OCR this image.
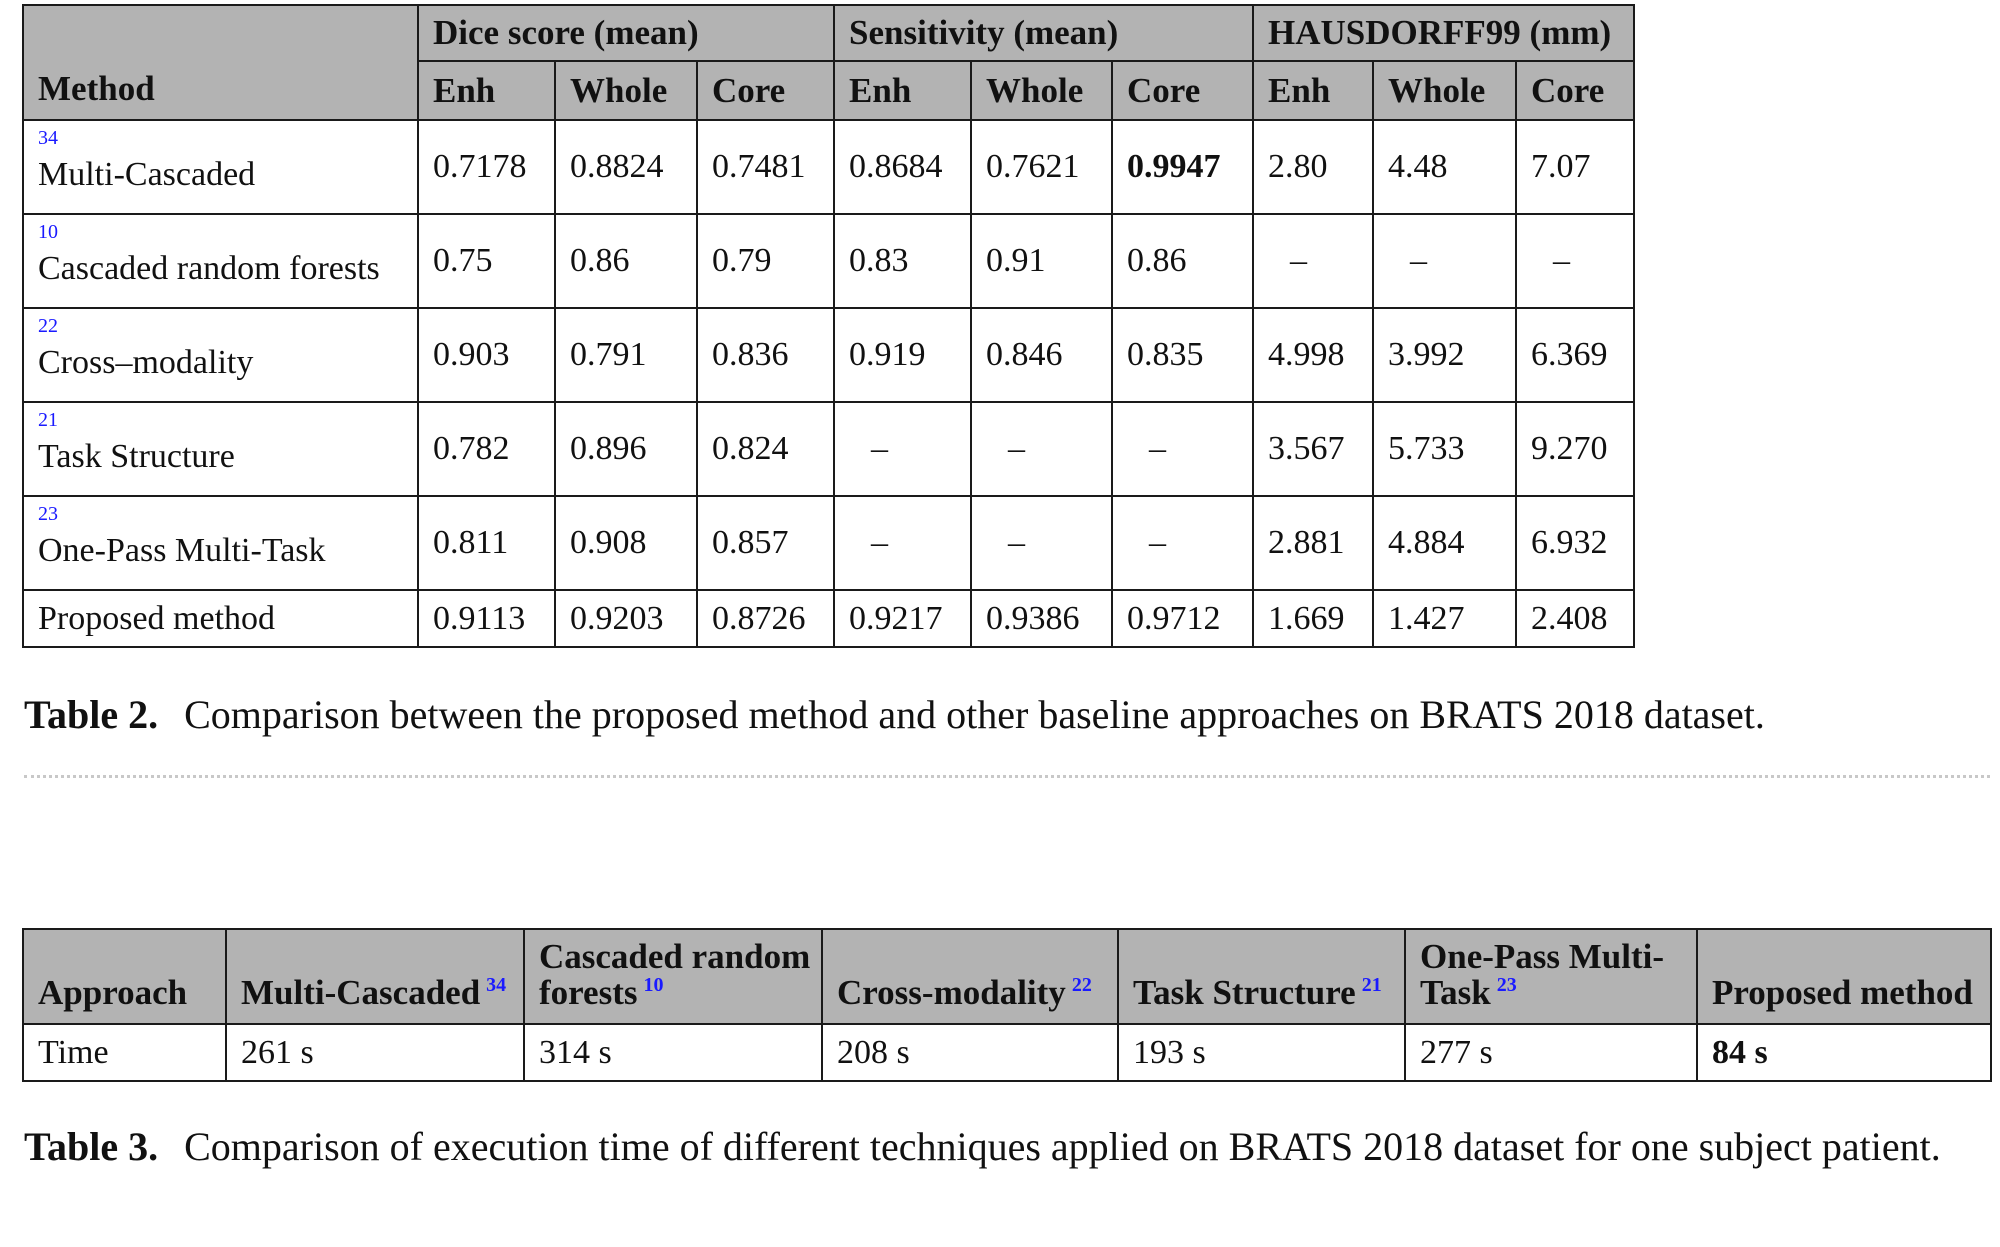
Method	Dice score (mean)			Sensitivity (mean)			HAUSDORFF99 (mm)		
	Enh	Whole	Core	Enh	Whole	Core	Enh	Whole	Core

34
Multi-Cascaded	0.7178	0.8824	0.7481	0.8684	0.7621	0.9947	2.80	4.48	7.07

10
Cascaded random forests	0.75	0.86	0.79	0.83	0.91	0.86	–	–	–

22
Cross–modality	0.903	0.791	0.836	0.919	0.846	0.835	4.998	3.992	6.369

21
Task Structure	0.782	0.896	0.824	–	–	–	3.567	5.733	9.270

23
One-Pass Multi-Task	0.811	0.908	0.857	–	–	–	2.881	4.884	6.932
Proposed method	0.9113	0.9203	0.8726	0.9217	0.9386	0.9712	1.669	1.427	2.408
Table 2. Comparison between the proposed method and other baseline approaches on BRATS 2018 dataset.
Approach	Multi-Cascaded $^{34}$	Cascaded random forests $^{10}$	Cross-modality $^{22}$	Task Structure $^{21}$	One-Pass Multi-Task $^{23}$	Proposed method
Time	261 s	314 s	208 s	193 s	277 s	84 s
Table 3. Comparison of execution time of different techniques applied on BRATS 2018 dataset for one subject patient.
